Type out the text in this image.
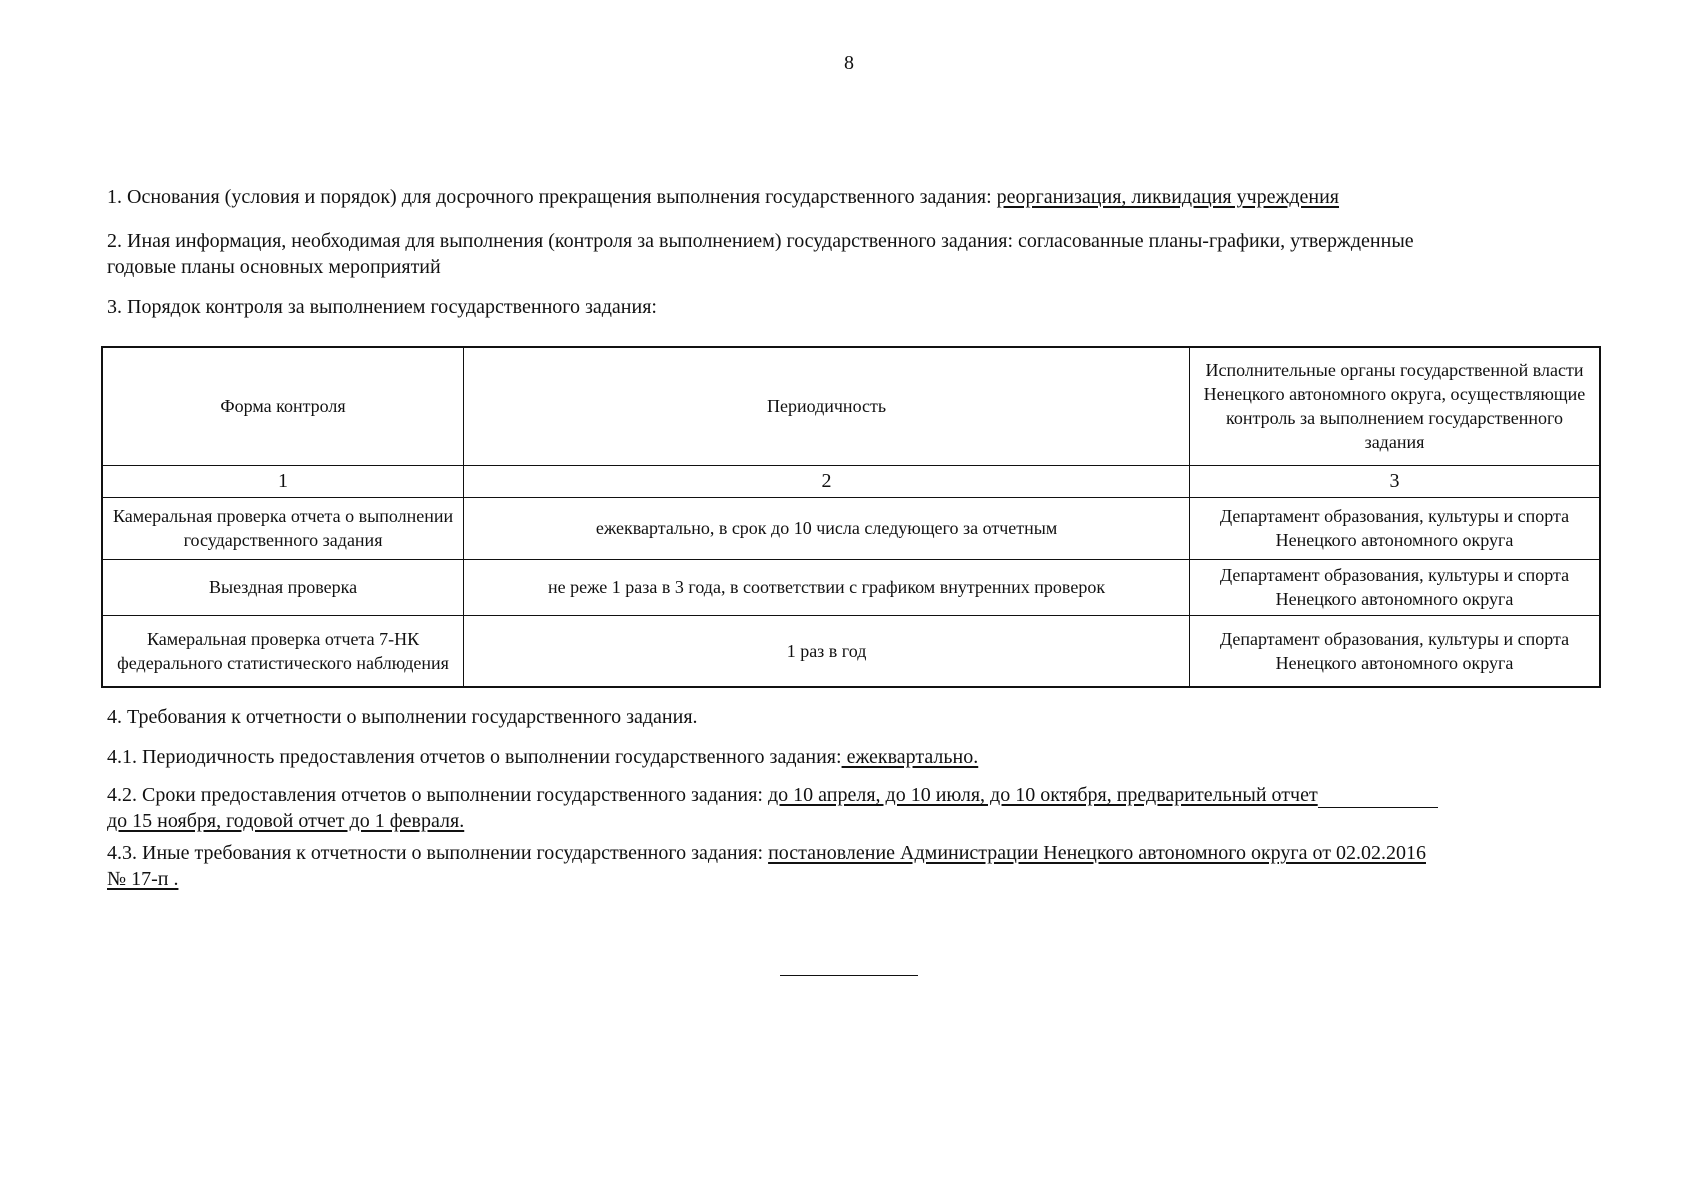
8
1. Основания (условия и порядок) для досрочного прекращения выполнения государственного задания: реорганизация, ликвидация учреждения
2. Иная информация, необходимая для выполнения (контроля за выполнением) государственного задания: согласованные планы-графики, утвержденные
годовые планы основных мероприятий
3. Порядок контроля за выполнением государственного задания:
Форма контроля	Периодичность	Исполнительные органы государственной власти Ненецкого автономного округа, осуществляющие контроль за выполнением государственного задания
1	2	3
Камеральная проверка отчета о выполнении государственного задания	ежеквартально, в срок до 10 числа следующего за отчетным	Департамент образования, культуры и спорта Ненецкого автономного округа
Выездная проверка	не реже 1 раза в 3 года, в соответствии с графиком внутренних проверок	Департамент образования, культуры и спорта Ненецкого автономного округа
Камеральная проверка отчета 7-НК федерального статистического наблюдения	1 раз в год	Департамент образования, культуры и спорта Ненецкого автономного округа
4. Требования к отчетности о выполнении государственного задания.
4.1. Периодичность предоставления отчетов о выполнении государственного задания: ежеквартально.
4.2. Сроки предоставления отчетов о выполнении государственного задания: до 10 апреля, до 10 июля, до 10 октября, предварительный отчет
до 15 ноября, годовой отчет до 1 февраля.
4.3. Иные требования к отчетности о выполнении государственного задания: постановление Администрации Ненецкого автономного округа от 02.02.2016
№ 17-п .
